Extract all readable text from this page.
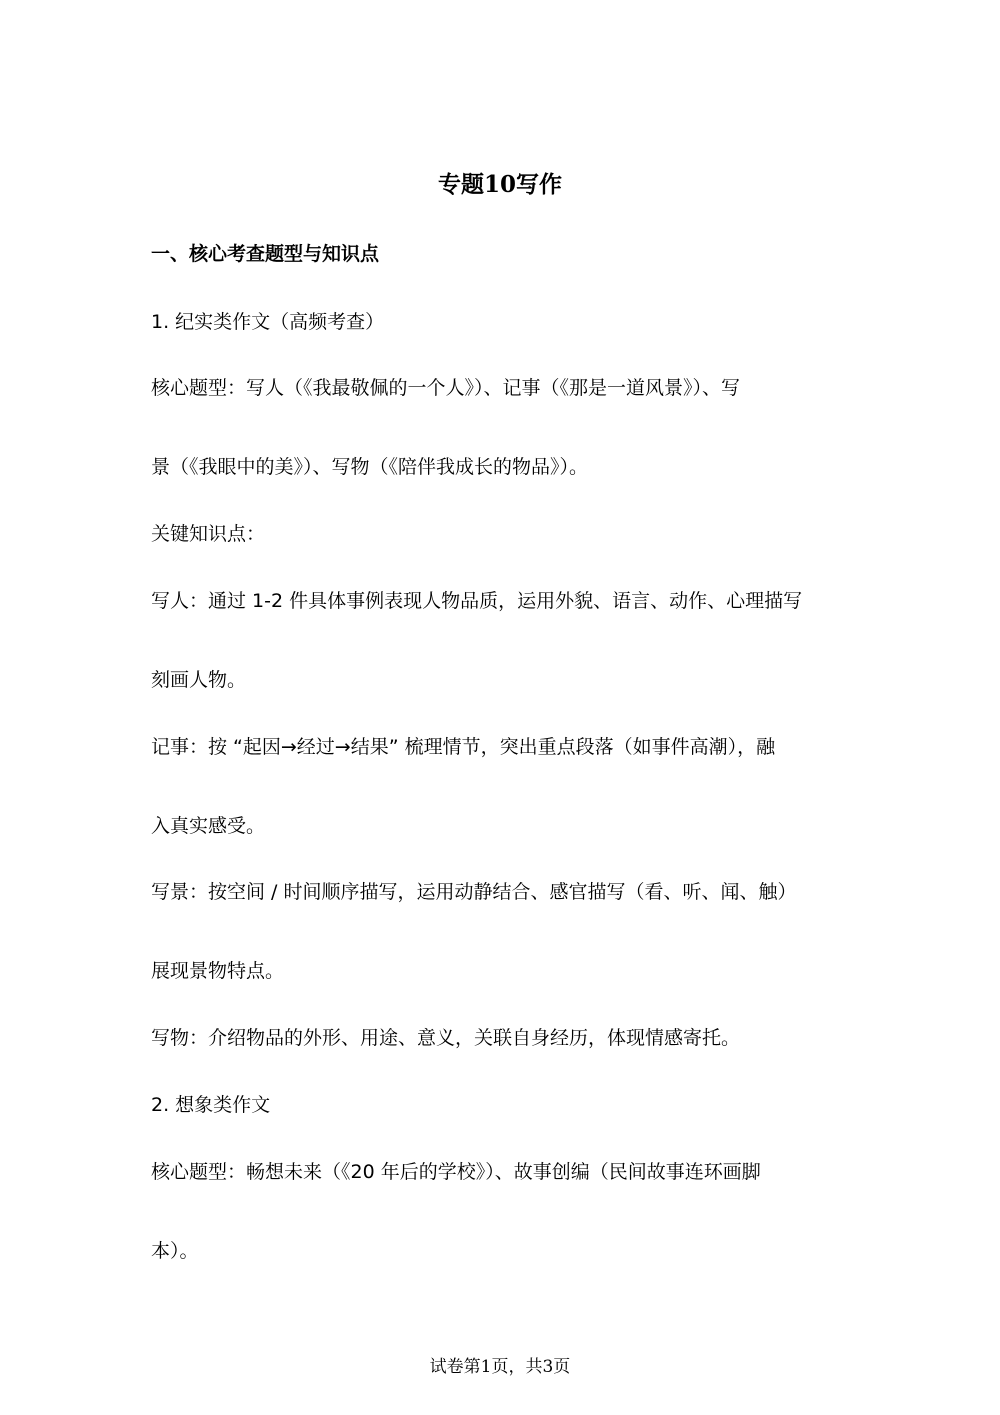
专题10写作
一、核心考查题型与知识点
1. 纪实类作文（高频考查）
核心题型：写人（《我最敬佩的一个人》）、记事（《那是一道风景》）、写
景（《我眼中的美》）、写物（《陪伴我成长的物品》）。
关键知识点：
写人：通过 1-2 件具体事例表现人物品质，运用外貌、语言、动作、心理描写
刻画人物。
记事：按 “起因→经过→结果” 梳理情节，突出重点段落（如事件高潮），融
入真实感受。
写景：按空间 / 时间顺序描写，运用动静结合、感官描写（看、听、闻、触）
展现景物特点。
写物：介绍物品的外形、用途、意义，关联自身经历，体现情感寄托。
2. 想象类作文
核心题型：畅想未来（《20 年后的学校》）、故事创编（民间故事连环画脚
本）。
试卷第1页，共3页
